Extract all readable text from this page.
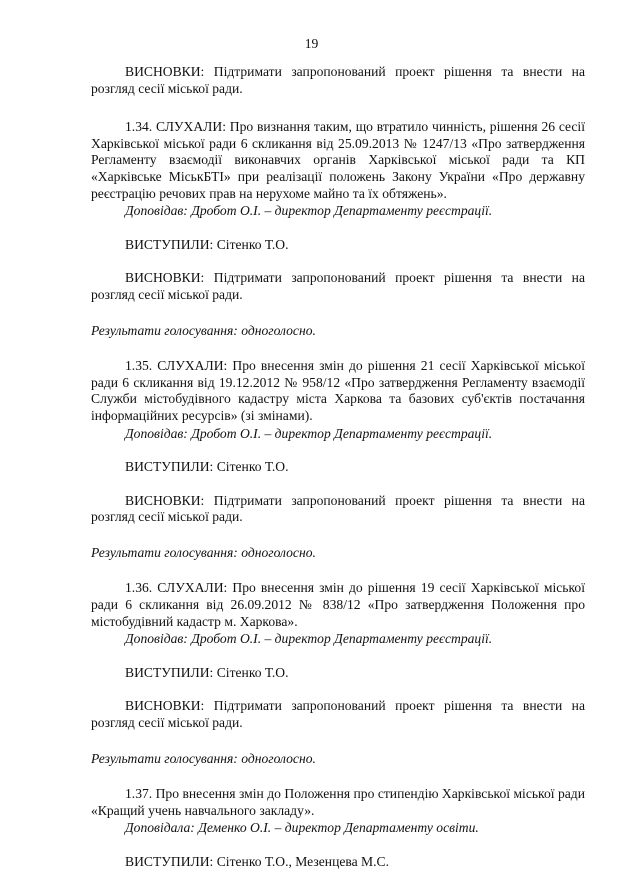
19

ВИСНОВКИ: Підтримати запропонований проект рішення та внести на розгляд сесії міської ради.

1.34. СЛУХАЛИ: Про визнання таким, що втратило чинність, рішення 26 сесії Харківської міської ради 6 скликання від 25.09.2013 № 1247/13 «Про затвердження Регламенту взаємодії виконавчих органів Харківської міської ради та КП «Харківське МіськБТІ» при реалізації положень Закону України «Про державну реєстрацію речових прав на нерухоме майно та їх обтяжень».

Доповідав: Дробот О.І. – директор Департаменту реєстрації.

ВИСТУПИЛИ: Сітенко Т.О.

ВИСНОВКИ: Підтримати запропонований проект рішення та внести на розгляд сесії міської ради.

Результати голосування: одноголосно.

1.35. СЛУХАЛИ: Про внесення змін до рішення 21 сесії Харківської міської ради 6 скликання від 19.12.2012 № 958/12 «Про затвердження Регламенту взаємодії Служби містобудівного кадастру міста Харкова та базових суб'єктів постачання інформаційних ресурсів» (зі змінами).

Доповідав: Дробот О.І. – директор Департаменту реєстрації.

ВИСТУПИЛИ: Сітенко Т.О.

ВИСНОВКИ: Підтримати запропонований проект рішення та внести на розгляд сесії міської ради.

Результати голосування: одноголосно.

1.36. СЛУХАЛИ: Про внесення змін до рішення 19 сесії Харківської міської ради 6 скликання від 26.09.2012 № 838/12 «Про затвердження Положення про містобудівний кадастр м. Харкова».

Доповідав: Дробот О.І. – директор Департаменту реєстрації.

ВИСТУПИЛИ: Сітенко Т.О.

ВИСНОВКИ: Підтримати запропонований проект рішення та внести на розгляд сесії міської ради.

Результати голосування: одноголосно.

1.37. Про внесення змін до Положення про стипендію Харківської міської ради «Кращий учень навчального закладу».

Доповідала: Деменко О.І. – директор Департаменту освіти.

ВИСТУПИЛИ: Сітенко Т.О., Мезенцева М.С.
